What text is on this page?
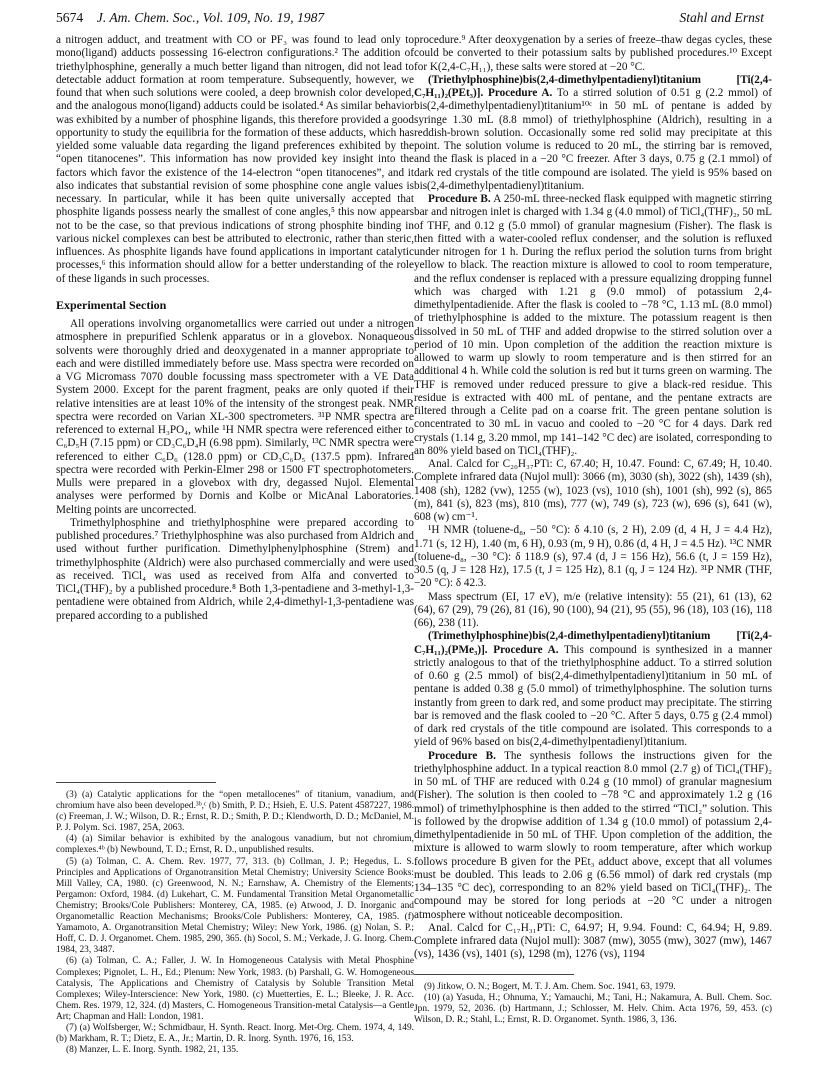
5674 J. Am. Chem. Soc., Vol. 109, No. 19, 1987	Stahl and Ernst

a nitrogen adduct, and treatment with CO or PF₃ was found to lead only to mono(ligand) adducts possessing 16-electron configurations.² The addition of triethylphosphine, generally a much better ligand than nitrogen, did not lead to detectable adduct formation at room temperature. Subsequently, however, we found that when such solutions were cooled, a deep brownish color developed, and the analogous mono(ligand) adducts could be isolated.⁴ As similar behavior was exhibited by a number of phosphine ligands, this therefore provided a good opportunity to study the equilibria for the formation of these adducts, which has yielded some valuable data regarding the ligand preferences exhibited by the “open titanocenes”. This information has now provided key insight into the factors which favor the existence of the 14-electron “open titanocenes”, and it also indicates that substantial revision of some phosphine cone angle values is necessary. In particular, while it has been quite universally accepted that phosphite ligands possess nearly the smallest of cone angles,⁵ this now appears not to be the case, so that previous indications of strong phosphite binding in various nickel complexes can best be attributed to electronic, rather than steric, influences. As phosphite ligands have found applications in important catalytic processes,⁶ this information should allow for a better understanding of the role of these ligands in such processes.

Experimental Section

All operations involving organometallics were carried out under a nitrogen atmosphere in prepurified Schlenk apparatus or in a glovebox. Nonaqueous solvents were thoroughly dried and deoxygenated in a manner appropriate to each and were distilled immediately before use. Mass spectra were recorded on a VG Micromass 7070 double focussing mass spectrometer with a VE Data System 2000. Except for the parent fragment, peaks are only quoted if their relative intensities are at least 10% of the intensity of the strongest peak. NMR spectra were recorded on Varian XL-300 spectrometers. ³¹P NMR spectra are referenced to external H₃PO₄, while ¹H NMR spectra were referenced either to C₆D₅H (7.15 ppm) or CD₃C₆D₄H (6.98 ppm). Similarly, ¹³C NMR spectra were referenced to either C₆D₆ (128.0 ppm) or CD₃C₆D₅ (137.5 ppm). Infrared spectra were recorded with Perkin-Elmer 298 or 1500 FT spectrophotometers. Mulls were prepared in a glovebox with dry, degassed Nujol. Elemental analyses were performed by Dornis and Kolbe or MicAnal Laboratories. Melting points are uncorrected.

Trimethylphosphine and triethylphosphine were prepared according to published procedures.⁷ Triethylphosphine was also purchased from Aldrich and used without further purification. Dimethylphenylphosphine (Strem) and trimethylphosphite (Aldrich) were also purchased commercially and were used as received. TiCl₄ was used as received from Alfa and converted to TiCl₄(THF)₂ by a published procedure.⁸ Both 1,3-pentadiene and 3-methyl-1,3-pentadiene were obtained from Aldrich, while 2,4-dimethyl-1,3-pentadiene was prepared according to a published

(3) (a) Catalytic applications for the “open metallocenes” of titanium, vanadium, and chromium have also been developed.³ᵇ,ᶜ (b) Smith, P. D.; Hsieh, E. U.S. Patent 4587227, 1986. (c) Freeman, J. W.; Wilson, D. R.; Ernst, R. D.; Smith, P. D.; Klendworth, D. D.; McDaniel, M. P. J. Polym. Sci. 1987, 25A, 2063.

(4) (a) Similar behavior is exhibited by the analogous vanadium, but not chromium, complexes.⁴ᵇ (b) Newbound, T. D.; Ernst, R. D., unpublished results.

(5) (a) Tolman, C. A. Chem. Rev. 1977, 77, 313. (b) Collman, J. P.; Hegedus, L. S. Principles and Applications of Organotransition Metal Chemistry; University Science Books: Mill Valley, CA, 1980. (c) Greenwood, N. N.; Earnshaw, A. Chemistry of the Elements; Pergamon: Oxford, 1984. (d) Lukehart, C. M. Fundamental Transition Metal Organometallic Chemistry; Brooks/Cole Publishers: Monterey, CA, 1985. (e) Atwood, J. D. Inorganic and Organometallic Reaction Mechanisms; Brooks/Cole Publishers: Monterey, CA, 1985. (f) Yamamoto, A. Organotransition Metal Chemistry; Wiley: New York, 1986. (g) Nolan, S. P.; Hoff, C. D. J. Organomet. Chem. 1985, 290, 365. (h) Socol, S. M.; Verkade, J. G. Inorg. Chem. 1984, 23, 3487.

(6) (a) Tolman, C. A.; Faller, J. W. In Homogeneous Catalysis with Metal Phosphine Complexes; Pignolet, L. H., Ed.; Plenum: New York, 1983. (b) Parshall, G. W. Homogeneous Catalysis, The Applications and Chemistry of Catalysis by Soluble Transition Metal Complexes; Wiley-Interscience: New York, 1980. (c) Muetterties, E. L.; Bleeke, J. R. Acc. Chem. Res. 1979, 12, 324. (d) Masters, C. Homogeneous Transition-metal Catalysis—a Gentle Art; Chapman and Hall: London, 1981.

(7) (a) Wolfsberger, W.; Schmidbaur, H. Synth. React. Inorg. Met-Org. Chem. 1974, 4, 149. (b) Markham, R. T.; Dietz, E. A., Jr.; Martin, D. R. Inorg. Synth. 1976, 16, 153.

(8) Manzer, L. E. Inorg. Synth. 1982, 21, 135.

procedure.⁹ After deoxygenation by a series of freeze–thaw degas cycles, these could be converted to their potassium salts by published procedures.¹⁰ Except for K(2,4-C₇H₁₁), these salts were stored at −20 °C.

(Triethylphosphine)bis(2,4-dimethylpentadienyl)titanium [Ti(2,4-C₇H₁₁)₂(PEt₃)]. Procedure A. To a stirred solution of 0.51 g (2.2 mmol) of bis(2,4-dimethylpentadienyl)titanium¹⁰ᶜ in 50 mL of pentane is added by syringe 1.30 mL (8.8 mmol) of triethylphosphine (Aldrich), resulting in a reddish-brown solution. Occasionally some red solid may precipitate at this point. The solution volume is reduced to 20 mL, the stirring bar is removed, and the flask is placed in a −20 °C freezer. After 3 days, 0.75 g (2.1 mmol) of dark red crystals of the title compound are isolated. The yield is 95% based on bis(2,4-dimethylpentadienyl)titanium.

Procedure B. A 250-mL three-necked flask equipped with magnetic stirring bar and nitrogen inlet is charged with 1.34 g (4.0 mmol) of TiCl₄(THF)₂, 50 mL of THF, and 0.12 g (5.0 mmol) of granular magnesium (Fisher). The flask is then fitted with a water-cooled reflux condenser, and the solution is refluxed under nitrogen for 1 h. During the reflux period the solution turns from bright yellow to black. The reaction mixture is allowed to cool to room temperature, and the reflux condenser is replaced with a pressure equalizing dropping funnel which was charged with 1.21 g (9.0 mmol) of potassium 2,4-dimethylpentadienide. After the flask is cooled to −78 °C, 1.13 mL (8.0 mmol) of triethylphosphine is added to the mixture. The potassium reagent is then dissolved in 50 mL of THF and added dropwise to the stirred solution over a period of 10 min. Upon completion of the addition the reaction mixture is allowed to warm up slowly to room temperature and is then stirred for an additional 4 h. While cold the solution is red but it turns green on warming. The THF is removed under reduced pressure to give a black-red residue. This residue is extracted with 400 mL of pentane, and the pentane extracts are filtered through a Celite pad on a coarse frit. The green pentane solution is concentrated to 30 mL in vacuo and cooled to −20 °C for 4 days. Dark red crystals (1.14 g, 3.20 mmol, mp 141–142 °C dec) are isolated, corresponding to an 80% yield based on TiCl₄(THF)₂.

Anal. Calcd for C₂₀H₃₇PTi: C, 67.40; H, 10.47. Found: C, 67.49; H, 10.40. Complete infrared data (Nujol mull): 3066 (m), 3030 (sh), 3022 (sh), 1439 (sh), 1408 (sh), 1282 (vw), 1255 (w), 1023 (vs), 1010 (sh), 1001 (sh), 992 (s), 865 (m), 841 (s), 823 (ms), 810 (ms), 777 (w), 749 (s), 723 (w), 696 (s), 641 (w), 608 (w) cm⁻¹.

¹H NMR (toluene-d₈, −50 °C): δ 4.10 (s, 2 H), 2.09 (d, 4 H, J = 4.4 Hz), 1.71 (s, 12 H), 1.40 (m, 6 H), 0.93 (m, 9 H), 0.86 (d, 4 H, J = 4.5 Hz). ¹³C NMR (toluene-d₈, −30 °C): δ 118.9 (s), 97.4 (d, J = 156 Hz), 56.6 (t, J = 159 Hz), 30.5 (q, J = 128 Hz), 17.5 (t, J = 125 Hz), 8.1 (q, J = 124 Hz). ³¹P NMR (THF, −20 °C): δ 42.3.

Mass spectrum (EI, 17 eV), m/e (relative intensity): 55 (21), 61 (13), 62 (64), 67 (29), 79 (26), 81 (16), 90 (100), 94 (21), 95 (55), 96 (18), 103 (16), 118 (66), 238 (11).

(Trimethylphosphine)bis(2,4-dimethylpentadienyl)titanium [Ti(2,4-C₇H₁₁)₂(PMe₃)]. Procedure A. This compound is synthesized in a manner strictly analogous to that of the triethylphosphine adduct. To a stirred solution of 0.60 g (2.5 mmol) of bis(2,4-dimethylpentadienyl)titanium in 50 mL of pentane is added 0.38 g (5.0 mmol) of trimethylphosphine. The solution turns instantly from green to dark red, and some product may precipitate. The stirring bar is removed and the flask cooled to −20 °C. After 5 days, 0.75 g (2.4 mmol) of dark red crystals of the title compound are isolated. This corresponds to a yield of 96% based on bis(2,4-dimethylpentadienyl)titanium.

Procedure B. The synthesis follows the instructions given for the triethylphosphine adduct. In a typical reaction 8.0 mmol (2.7 g) of TiCl₄(THF)₂ in 50 mL of THF are reduced with 0.24 g (10 mmol) of granular magnesium (Fisher). The solution is then cooled to −78 °C and approximately 1.2 g (16 mmol) of trimethylphosphine is then added to the stirred “TiCl₂” solution. This is followed by the dropwise addition of 1.34 g (10.0 mmol) of potassium 2,4-dimethylpentadienide in 50 mL of THF. Upon completion of the addition, the mixture is allowed to warm slowly to room temperature, after which workup follows procedure B given for the PEt₃ adduct above, except that all volumes must be doubled. This leads to 2.06 g (6.56 mmol) of dark red crystals (mp 134–135 °C dec), corresponding to an 82% yield based on TiCl₄(THF)₂. The compound may be stored for long periods at −20 °C under a nitrogen atmosphere without noticeable decomposition.

Anal. Calcd for C₁₇H₃₁PTi: C, 64.97; H, 9.94. Found: C, 64.94; H, 9.89. Complete infrared data (Nujol mull): 3087 (mw), 3055 (mw), 3027 (mw), 1467 (vs), 1436 (vs), 1401 (s), 1298 (m), 1276 (vs), 1194

(9) Jitkow, O. N.; Bogert, M. T. J. Am. Chem. Soc. 1941, 63, 1979.

(10) (a) Yasuda, H.; Ohnuma, Y.; Yamauchi, M.; Tani, H.; Nakamura, A. Bull. Chem. Soc. Jpn. 1979, 52, 2036. (b) Hartmann, J.; Schlosser, M. Helv. Chim. Acta 1976, 59, 453. (c) Wilson, D. R.; Stahl, L.; Ernst, R. D. Organomet. Synth. 1986, 3, 136.
